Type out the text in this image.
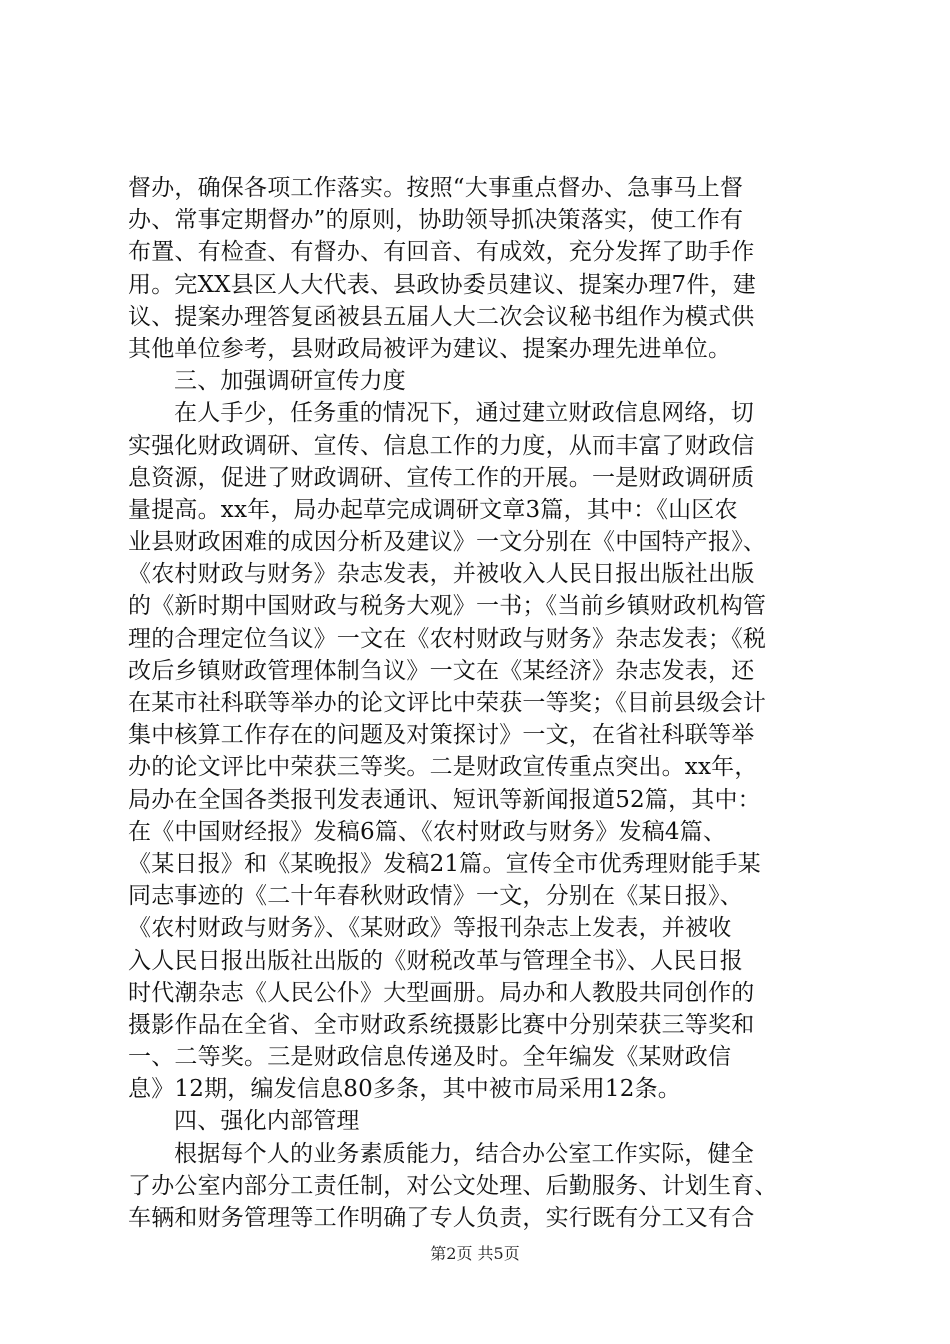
督办，确保各项工作落实。按照“大事重点督办、急事马上督
办、常事定期督办”的原则，协助领导抓决策落实，使工作有
布置、有检查、有督办、有回音、有成效，充分发挥了助手作
用。完XX县区人大代表、县政协委员建议、提案办理7件，建
议、提案办理答复函被县五届人大二次会议秘书组作为模式供
其他单位参考，县财政局被评为建议、提案办理先进单位。
三、加强调研宣传力度
在人手少，任务重的情况下，通过建立财政信息网络，切
实强化财政调研、宣传、信息工作的力度，从而丰富了财政信
息资源，促进了财政调研、宣传工作的开展。一是财政调研质
量提高。xx年，局办起草完成调研文章3篇，其中：《山区农
业县财政困难的成因分析及建议》一文分别在《中国特产报》、
《农村财政与财务》杂志发表，并被收入人民日报出版社出版
的《新时期中国财政与税务大观》一书；《当前乡镇财政机构管
理的合理定位刍议》一文在《农村财政与财务》杂志发表；《税
改后乡镇财政管理体制刍议》一文在《某经济》杂志发表，还
在某市社科联等举办的论文评比中荣获一等奖；《目前县级会计
集中核算工作存在的问题及对策探讨》一文，在省社科联等举
办的论文评比中荣获三等奖。二是财政宣传重点突出。xx年，
局办在全国各类报刊发表通讯、短讯等新闻报道52篇，其中：
在《中国财经报》发稿6篇、《农村财政与财务》发稿4篇、
《某日报》和《某晚报》发稿21篇。宣传全市优秀理财能手某
同志事迹的《二十年春秋财政情》一文，分别在《某日报》、
《农村财政与财务》、《某财政》等报刊杂志上发表，并被收
入人民日报出版社出版的《财税改革与管理全书》、人民日报
时代潮杂志《人民公仆》大型画册。局办和人教股共同创作的
摄影作品在全省、全市财政系统摄影比赛中分别荣获三等奖和
一、二等奖。三是财政信息传递及时。全年编发《某财政信
息》12期，编发信息80多条，其中被市局采用12条。
四、强化内部管理
根据每个人的业务素质能力，结合办公室工作实际，健全
了办公室内部分工责任制，对公文处理、后勤服务、计划生育、
车辆和财务管理等工作明确了专人负责，实行既有分工又有合
第2页 共5页
